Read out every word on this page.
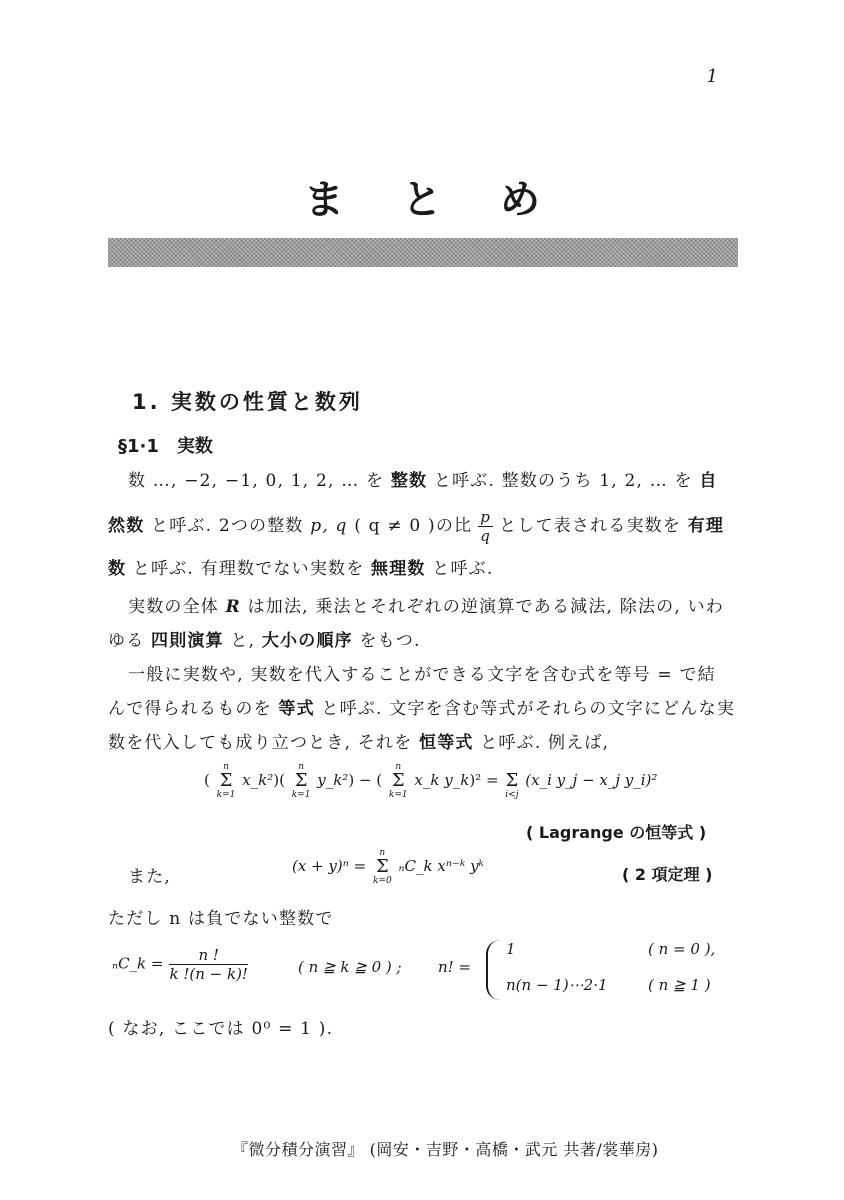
1
まとめ
1. 実数の性質と数列
§1·1 実数
数 …, −2, −1, 0, 1, 2, … を 整数 と呼ぶ. 整数のうち 1, 2, … を 自
然数 と呼ぶ. 2つの整数 p, q ( q ≠ 0 )の比 $\frac{p}{q}$ として表される実数を 有理
数 と呼ぶ. 有理数でない実数を 無理数 と呼ぶ.
実数の全体 R は加法, 乗法とそれぞれの逆演算である減法, 除法の, いわ
ゆる 四則演算 と, 大小の順序 をもつ.
一般に実数や, 実数を代入することができる文字を含む式を等号 = で結
んで得られるものを 等式 と呼ぶ. 文字を含む等式がそれらの文字にどんな実
数を代入しても成り立つとき, それを 恒等式 と呼ぶ. 例えば,
(
n
Σ
k=1
x_k²)(
n
Σ
k=1
y_k²) − (
n
Σ
k=1
x_k y_k)² =
Σ
i<j
(x_i y_j − x_j y_i)²
( Lagrange の恒等式 )
また,
(x + y)ⁿ =
n
Σ
k=0
ₙC_k xⁿ⁻ᵏ yᵏ	( 2 項定理 )
ただし n は負でない整数で
ₙC_k = $\frac{n !}{k !(n - k)!}$	( n ≧ k ≧ 0 ) ; n! =
1	( n = 0 ),
n(n − 1)⋯2·1	( n ≧ 1 )
( なお, ここでは 0⁰ = 1 ).
『微分積分演習』 (岡安・吉野・高橋・武元 共著/裳華房)
